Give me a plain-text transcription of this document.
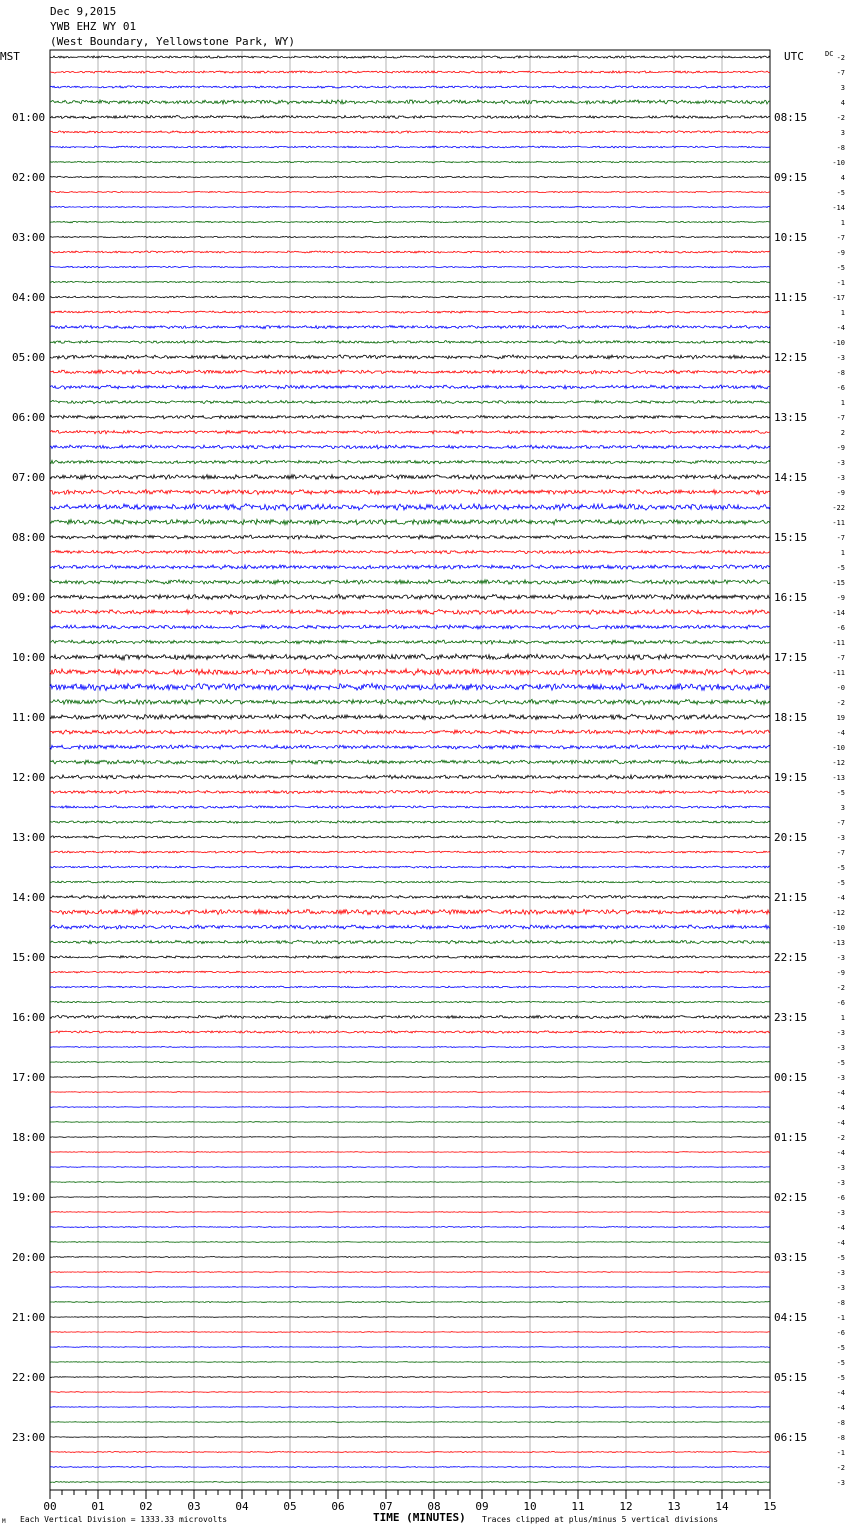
Dec 9,2015
YWB EHZ WY 01
(West Boundary, Yellowstone Park, WY)
01:00
02:00
03:00
04:00
05:00
06:00
07:00
08:00
09:00
10:00
11:00
12:00
13:00
14:00
15:00
16:00
17:00
18:00
19:00
20:00
21:00
22:00
23:00
08:15
09:15
10:15
11:15
12:15
13:15
14:15
15:15
16:15
17:15
18:15
19:15
20:15
21:15
22:15
23:15
00:15
01:15
02:15
03:15
04:15
05:15
06:15
-2
-7
3
4
-2
3
-8
-10
4
-5
-14
1
-7
-9
-5
-1
-17
1
-4
-10
-3
-8
-6
1
-7
2
-9
-3
-3
-9
-22
-11
-7
1
-5
-15
-9
-14
-6
-11
-7
-11
-0
-2
19
-4
-10
-12
-13
-5
3
-7
-3
-7
-5
-5
-4
-12
-10
-13
-3
-9
-2
-6
1
-3
-3
-5
-3
-4
-4
-4
-2
-4
-3
-3
-6
-3
-4
-4
-5
-3
-3
-8
-1
-6
-5
-5
-5
-4
-4
-8
-8
-1
-2
-3
00	01	02	03	04	05	06	07	08	09	10	11	12	13	14	15
MST	UTC	DC
M Each Vertical Division = 1333.33 microvolts	TIME (MINUTES) Traces clipped at plus/minus 5 vertical divisions
